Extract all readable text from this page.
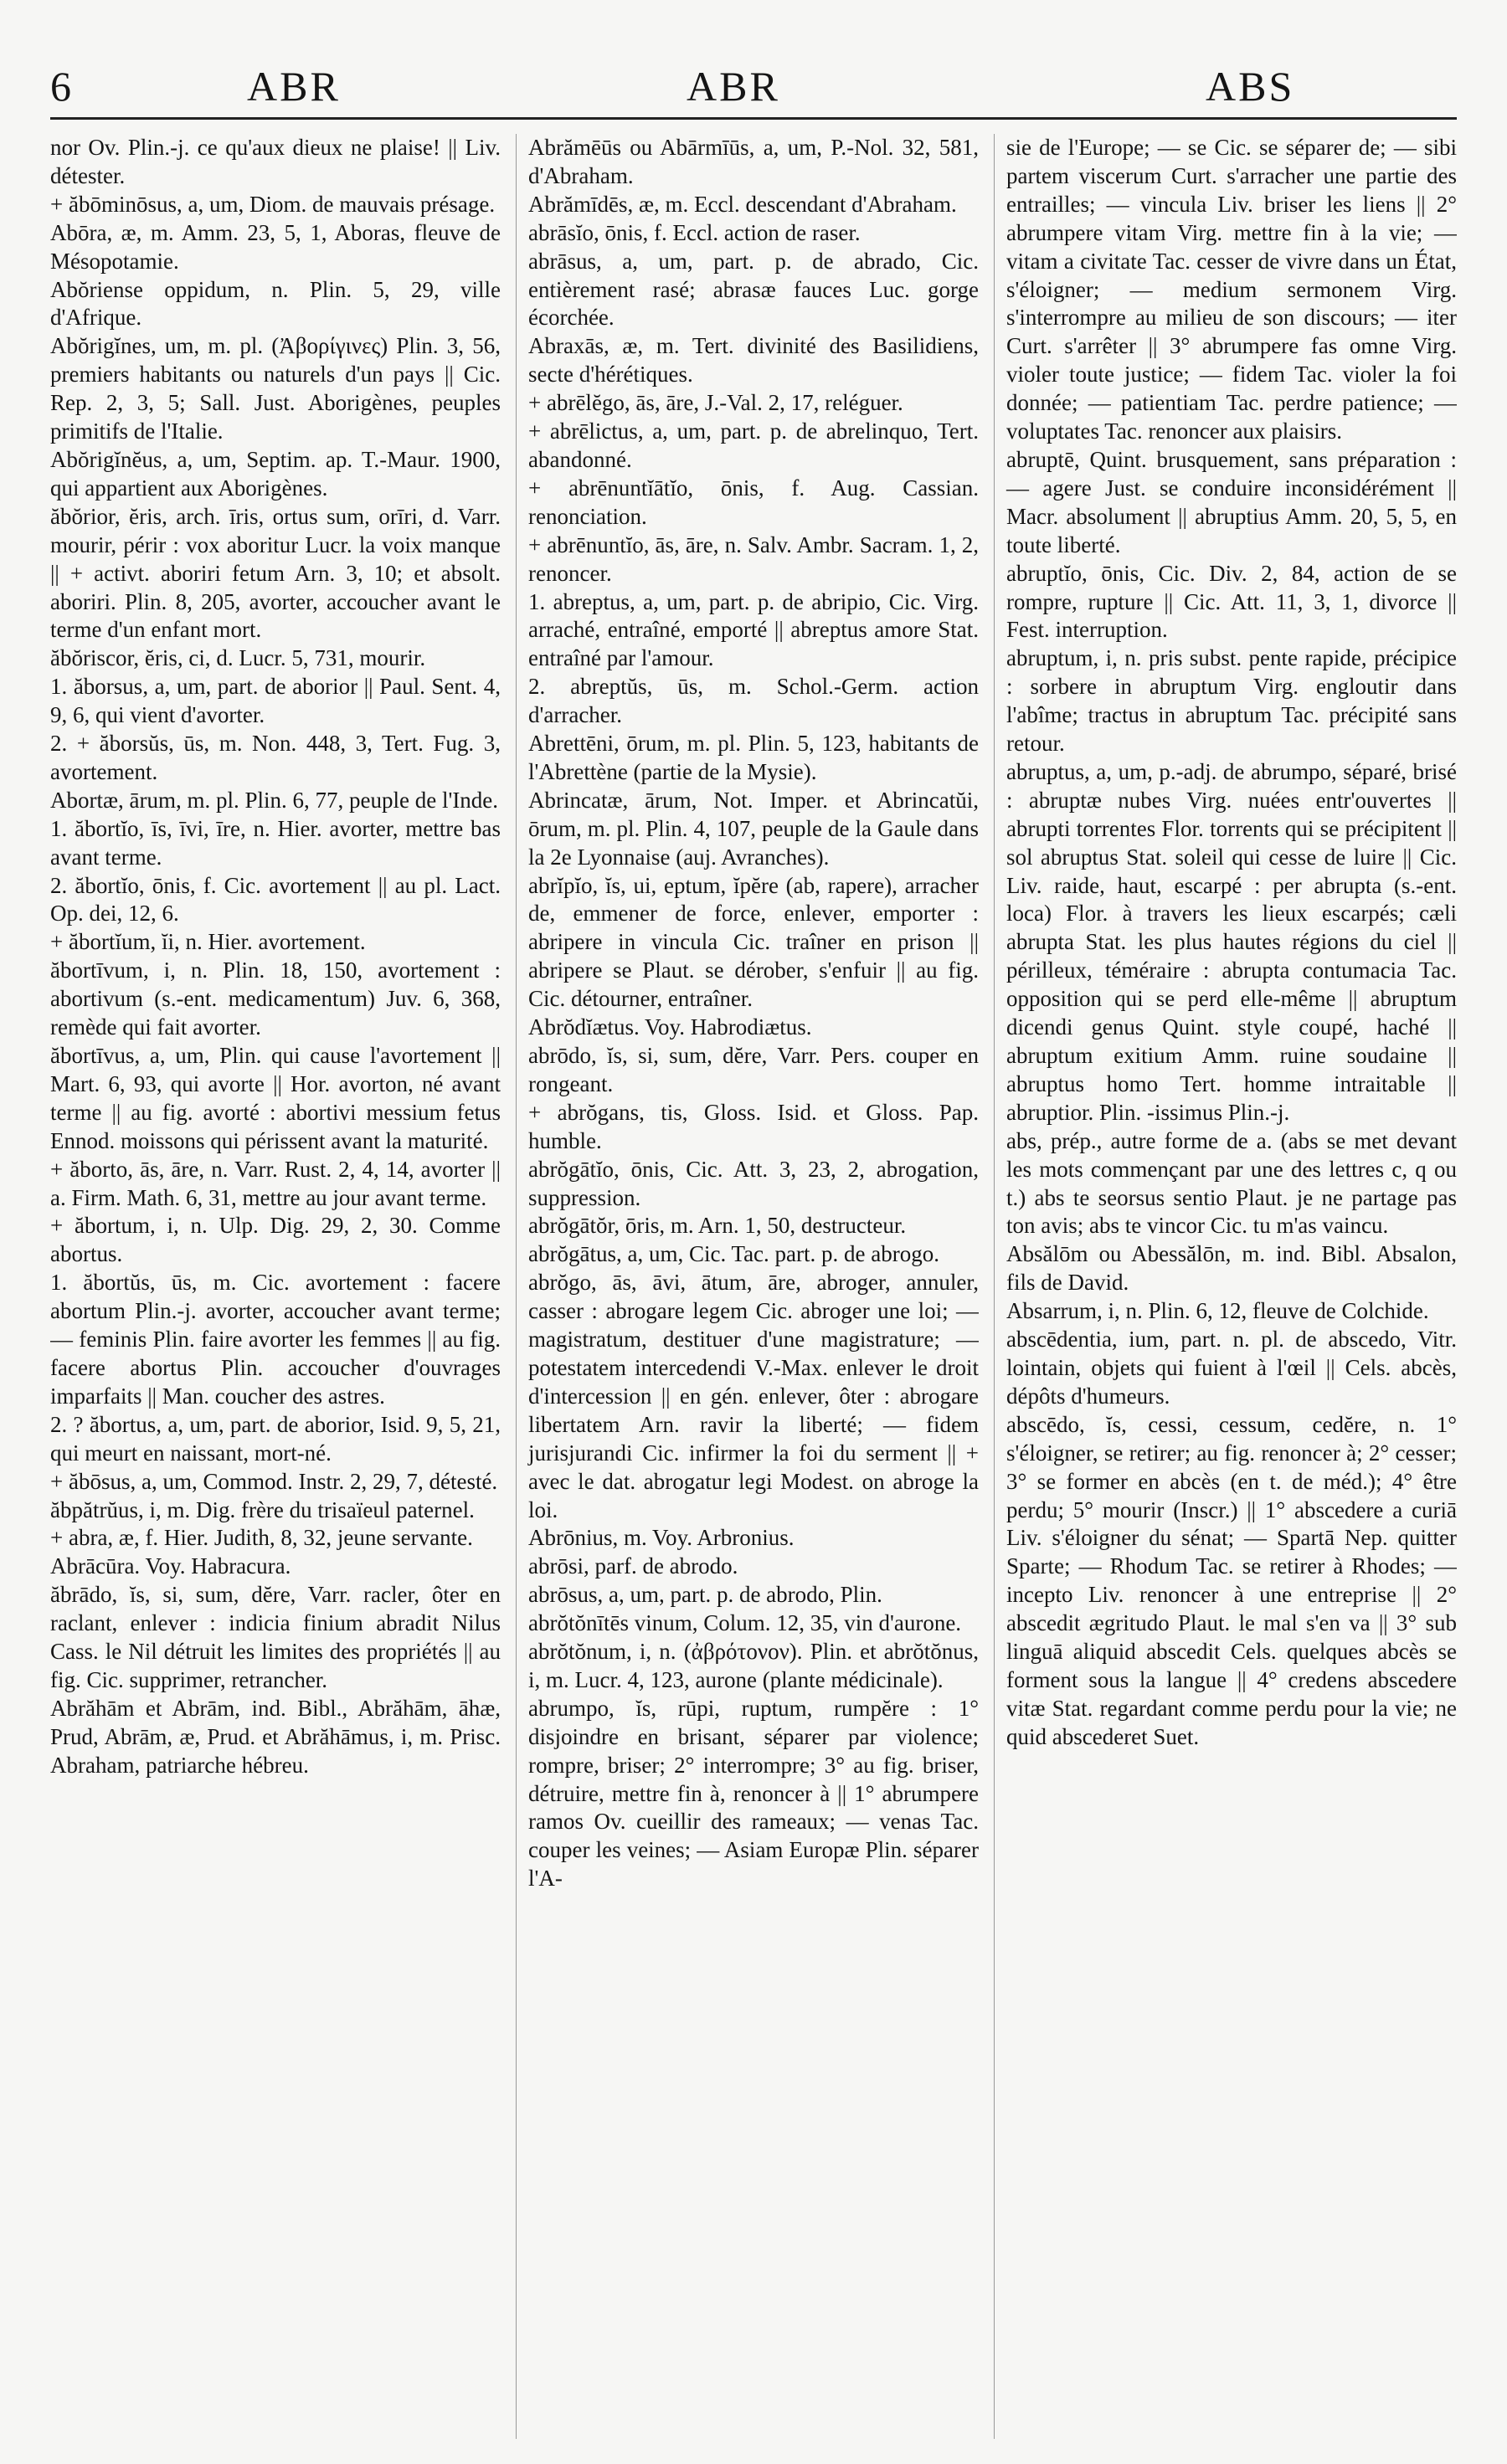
6	ABR	ABR	ABS

nor Ov. Plin.-j. ce qu'aux dieux ne plaise! || Liv. détester.

+ ăbōminōsus, a, um, Diom. de mauvais présage.

Abōra, æ, m. Amm. 23, 5, 1, Aboras, fleuve de Mésopotamie.

Abŏriense oppidum, n. Plin. 5, 29, ville d'Afrique.

Abŏrigĭnes, um, m. pl. (Ἀβορίγινες) Plin. 3, 56, premiers habitants ou naturels d'un pays || Cic. Rep. 2, 3, 5; Sall. Just. Aborigènes, peuples primitifs de l'Italie.

Abŏrigĭnĕus, a, um, Septim. ap. T.-Maur. 1900, qui appartient aux Aborigènes.

ăbŏrior, ĕris, arch. īris, ortus sum, orīri, d. Varr. mourir, périr : vox aboritur Lucr. la voix manque || + activt. aboriri fetum Arn. 3, 10; et absolt. aboriri. Plin. 8, 205, avorter, accoucher avant le terme d'un enfant mort.

ăbŏriscor, ĕris, ci, d. Lucr. 5, 731, mourir.

1. ăborsus, a, um, part. de aborior || Paul. Sent. 4, 9, 6, qui vient d'avorter.

2. + ăborsŭs, ūs, m. Non. 448, 3, Tert. Fug. 3, avortement.

Abortæ, ārum, m. pl. Plin. 6, 77, peuple de l'Inde.

1. ăbortĭo, īs, īvi, īre, n. Hier. avorter, mettre bas avant terme.

2. ăbortĭo, ōnis, f. Cic. avortement || au pl. Lact. Op. dei, 12, 6.

+ ăbortĭum, ĭi, n. Hier. avortement.

ăbortīvum, i, n. Plin. 18, 150, avortement : abortivum (s.-ent. medicamentum) Juv. 6, 368, remède qui fait avorter.

ăbortīvus, a, um, Plin. qui cause l'avortement || Mart. 6, 93, qui avorte || Hor. avorton, né avant terme || au fig. avorté : abortivi messium fetus Ennod. moissons qui périssent avant la maturité.

+ ăborto, ās, āre, n. Varr. Rust. 2, 4, 14, avorter || a. Firm. Math. 6, 31, mettre au jour avant terme.

+ ăbortum, i, n. Ulp. Dig. 29, 2, 30. Comme abortus.

1. ăbortŭs, ūs, m. Cic. avortement : facere abortum Plin.-j. avorter, accoucher avant terme; — feminis Plin. faire avorter les femmes || au fig. facere abortus Plin. accoucher d'ouvrages imparfaits || Man. coucher des astres.

2. ? ăbortus, a, um, part. de aborior, Isid. 9, 5, 21, qui meurt en naissant, mort-né.

+ ăbōsus, a, um, Commod. Instr. 2, 29, 7, détesté.

ăbpătrŭus, i, m. Dig. frère du trisaïeul paternel.

+ abra, æ, f. Hier. Judith, 8, 32, jeune servante.

Abrācūra. Voy. Habracura.

ăbrādo, ĭs, si, sum, dĕre, Varr. racler, ôter en raclant, enlever : indicia finium abradit Nilus Cass. le Nil détruit les limites des propriétés || au fig. Cic. supprimer, retrancher.

Abrăhām et Abrām, ind. Bibl., Abrăhām, āhæ, Prud, Abrām, æ, Prud. et Abrăhāmus, i, m. Prisc. Abraham, patriarche hébreu.

Abrămēūs ou Abārmīūs, a, um, P.-Nol. 32, 581, d'Abraham.

Abrămīdēs, æ, m. Eccl. descendant d'Abraham.

abrāsĭo, ōnis, f. Eccl. action de raser.

abrāsus, a, um, part. p. de abrado, Cic. entièrement rasé; abrasæ fauces Luc. gorge écorchée.

Abraxās, æ, m. Tert. divinité des Basilidiens, secte d'hérétiques.

+ abrēlĕgo, ās, āre, J.-Val. 2, 17, reléguer.

+ abrēlictus, a, um, part. p. de abrelinquo, Tert. abandonné.

+ abrēnuntĭātĭo, ōnis, f. Aug. Cassian. renonciation.

+ abrēnuntĭo, ās, āre, n. Salv. Ambr. Sacram. 1, 2, renoncer.

1. abreptus, a, um, part. p. de abripio, Cic. Virg. arraché, entraîné, emporté || abreptus amore Stat. entraîné par l'amour.

2. abreptŭs, ūs, m. Schol.-Germ. action d'arracher.

Abrettēni, ōrum, m. pl. Plin. 5, 123, habitants de l'Abrettène (partie de la Mysie).

Abrincatæ, ārum, Not. Imper. et Abrincatŭi, ōrum, m. pl. Plin. 4, 107, peuple de la Gaule dans la 2e Lyonnaise (auj. Avranches).

abrĭpĭo, ĭs, ui, eptum, ĭpĕre (ab, rapere), arracher de, emmener de force, enlever, emporter : abripere in vincula Cic. traîner en prison || abripere se Plaut. se dérober, s'enfuir || au fig. Cic. détourner, entraîner.

Abrŏdĭætus. Voy. Habrodiætus.

abrōdo, ĭs, si, sum, dĕre, Varr. Pers. couper en rongeant.

+ abrŏgans, tis, Gloss. Isid. et Gloss. Pap. humble.

abrŏgātĭo, ōnis, Cic. Att. 3, 23, 2, abrogation, suppression.

abrŏgātŏr, ōris, m. Arn. 1, 50, destructeur.

abrŏgātus, a, um, Cic. Tac. part. p. de abrogo.

abrŏgo, ās, āvi, ātum, āre, abroger, annuler, casser : abrogare legem Cic. abroger une loi; — magistratum, destituer d'une magistrature; — potestatem intercedendi V.-Max. enlever le droit d'intercession || en gén. enlever, ôter : abrogare libertatem Arn. ravir la liberté; — fidem jurisjurandi Cic. infirmer la foi du serment || + avec le dat. abrogatur legi Modest. on abroge la loi.

Abrōnius, m. Voy. Arbronius.

abrōsi, parf. de abrodo.

abrōsus, a, um, part. p. de abrodo, Plin.

abrŏtŏnītēs vinum, Colum. 12, 35, vin d'aurone.

abrŏtŏnum, i, n. (ἀβρότονον). Plin. et abrŏtŏnus, i, m. Lucr. 4, 123, aurone (plante médicinale).

abrumpo, ĭs, rūpi, ruptum, rumpĕre : 1° disjoindre en brisant, séparer par violence; rompre, briser; 2° interrompre; 3° au fig. briser, détruire, mettre fin à, renoncer à || 1° abrumpere ramos Ov. cueillir des rameaux; — venas Tac. couper les veines; — Asiam Europæ Plin. séparer l'A-

sie de l'Europe; — se Cic. se séparer de; — sibi partem viscerum Curt. s'arracher une partie des entrailles; — vincula Liv. briser les liens || 2° abrumpere vitam Virg. mettre fin à la vie; — vitam a civitate Tac. cesser de vivre dans un État, s'éloigner; — medium sermonem Virg. s'interrompre au milieu de son discours; — iter Curt. s'arrêter || 3° abrumpere fas omne Virg. violer toute justice; — fidem Tac. violer la foi donnée; — patientiam Tac. perdre patience; — voluptates Tac. renoncer aux plaisirs.

abruptē, Quint. brusquement, sans préparation : — agere Just. se conduire inconsidérément || Macr. absolument || abruptius Amm. 20, 5, 5, en toute liberté.

abruptĭo, ōnis, Cic. Div. 2, 84, action de se rompre, rupture || Cic. Att. 11, 3, 1, divorce || Fest. interruption.

abruptum, i, n. pris subst. pente rapide, précipice : sorbere in abruptum Virg. engloutir dans l'abîme; tractus in abruptum Tac. précipité sans retour.

abruptus, a, um, p.-adj. de abrumpo, séparé, brisé : abruptæ nubes Virg. nuées entr'ouvertes || abrupti torrentes Flor. torrents qui se précipitent || sol abruptus Stat. soleil qui cesse de luire || Cic. Liv. raide, haut, escarpé : per abrupta (s.-ent. loca) Flor. à travers les lieux escarpés; cæli abrupta Stat. les plus hautes régions du ciel || périlleux, téméraire : abrupta contumacia Tac. opposition qui se perd elle-même || abruptum dicendi genus Quint. style coupé, haché || abruptum exitium Amm. ruine soudaine || abruptus homo Tert. homme intraitable || abruptior. Plin. -issimus Plin.-j.

abs, prép., autre forme de a. (abs se met devant les mots commençant par une des lettres c, q ou t.) abs te seorsus sentio Plaut. je ne partage pas ton avis; abs te vincor Cic. tu m'as vaincu.

Absălōm ou Abessălōn, m. ind. Bibl. Absalon, fils de David.

Absarrum, i, n. Plin. 6, 12, fleuve de Colchide.

abscēdentia, ium, part. n. pl. de abscedo, Vitr. lointain, objets qui fuient à l'œil || Cels. abcès, dépôts d'humeurs.

abscēdo, ĭs, cessi, cessum, cedĕre, n. 1° s'éloigner, se retirer; au fig. renoncer à; 2° cesser; 3° se former en abcès (en t. de méd.); 4° être perdu; 5° mourir (Inscr.) || 1° abscedere a curiā Liv. s'éloigner du sénat; — Spartā Nep. quitter Sparte; — Rhodum Tac. se retirer à Rhodes; — incepto Liv. renoncer à une entreprise || 2° abscedit ægritudo Plaut. le mal s'en va || 3° sub linguā aliquid abscedit Cels. quelques abcès se forment sous la langue || 4° credens abscedere vitæ Stat. regardant comme perdu pour la vie; ne quid abscederet Suet.
